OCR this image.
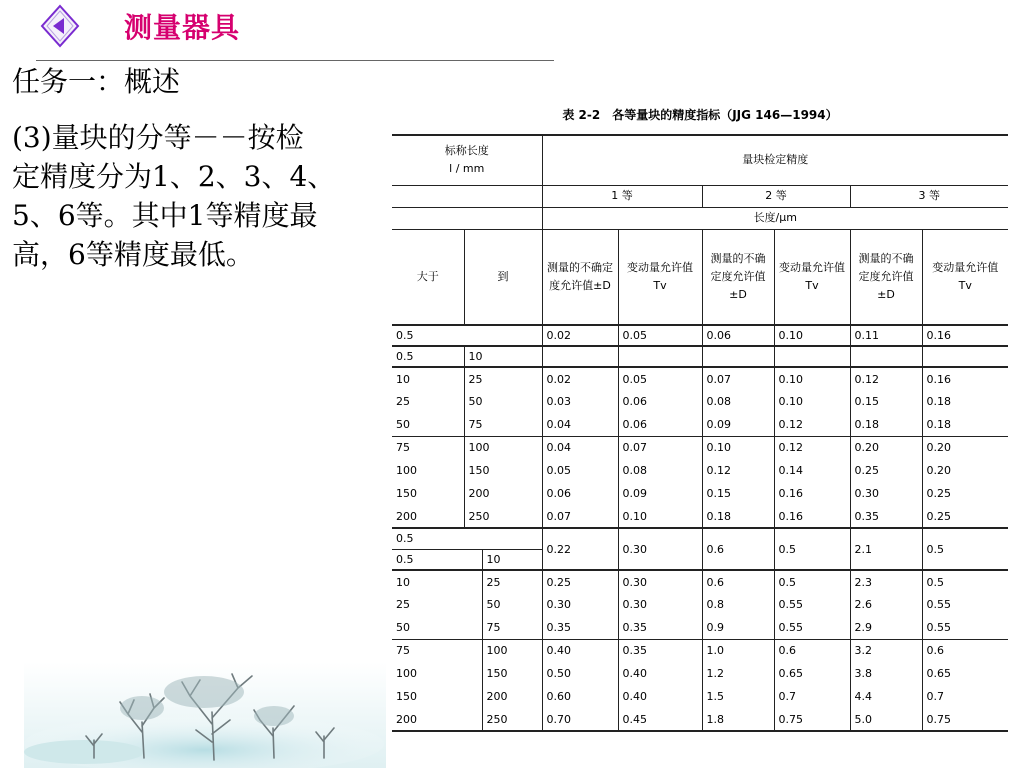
测量器具
任务一：概述
(3)量块的分等－－按检
定精度分为1、2、3、4、
5、6等。其中1等精度最
高，6等精度最低。
表 2-2　各等量块的精度指标（JJG 146—1994）
标称长度
l / mm			量块检定精度					
			1 等		2 等		3 等	
			长度/μm					
大于	到		测量的不确定度允许值±D	变动量允许值 Tv	测量的不确定度允许值±D	变动量允许值 Tv	测量的不确定度允许值±D	变动量允许值 Tv
0.5			0.02	0.05	0.06	0.10	0.11	0.16
0.5	10							
10	25		0.02	0.05	0.07	0.10	0.12	0.16
25	50		0.03	0.06	0.08	0.10	0.15	0.18
50	75		0.04	0.06	0.09	0.12	0.18	0.18
75	100		0.04	0.07	0.10	0.12	0.20	0.20
100	150		0.05	0.08	0.12	0.14	0.25	0.20
150	200		0.06	0.09	0.15	0.16	0.30	0.25
200	250		0.07	0.10	0.18	0.16	0.35	0.25
0.5			0.22	0.30	0.6	0.5	2.1	0.5
0.5		10						
10		25	0.25	0.30	0.6	0.5	2.3	0.5
25		50	0.30	0.30	0.8	0.55	2.6	0.55
50		75	0.35	0.35	0.9	0.55	2.9	0.55
75		100	0.40	0.35	1.0	0.6	3.2	0.6
100		150	0.50	0.40	1.2	0.65	3.8	0.65
150		200	0.60	0.40	1.5	0.7	4.4	0.7
200		250	0.70	0.45	1.8	0.75	5.0	0.75
